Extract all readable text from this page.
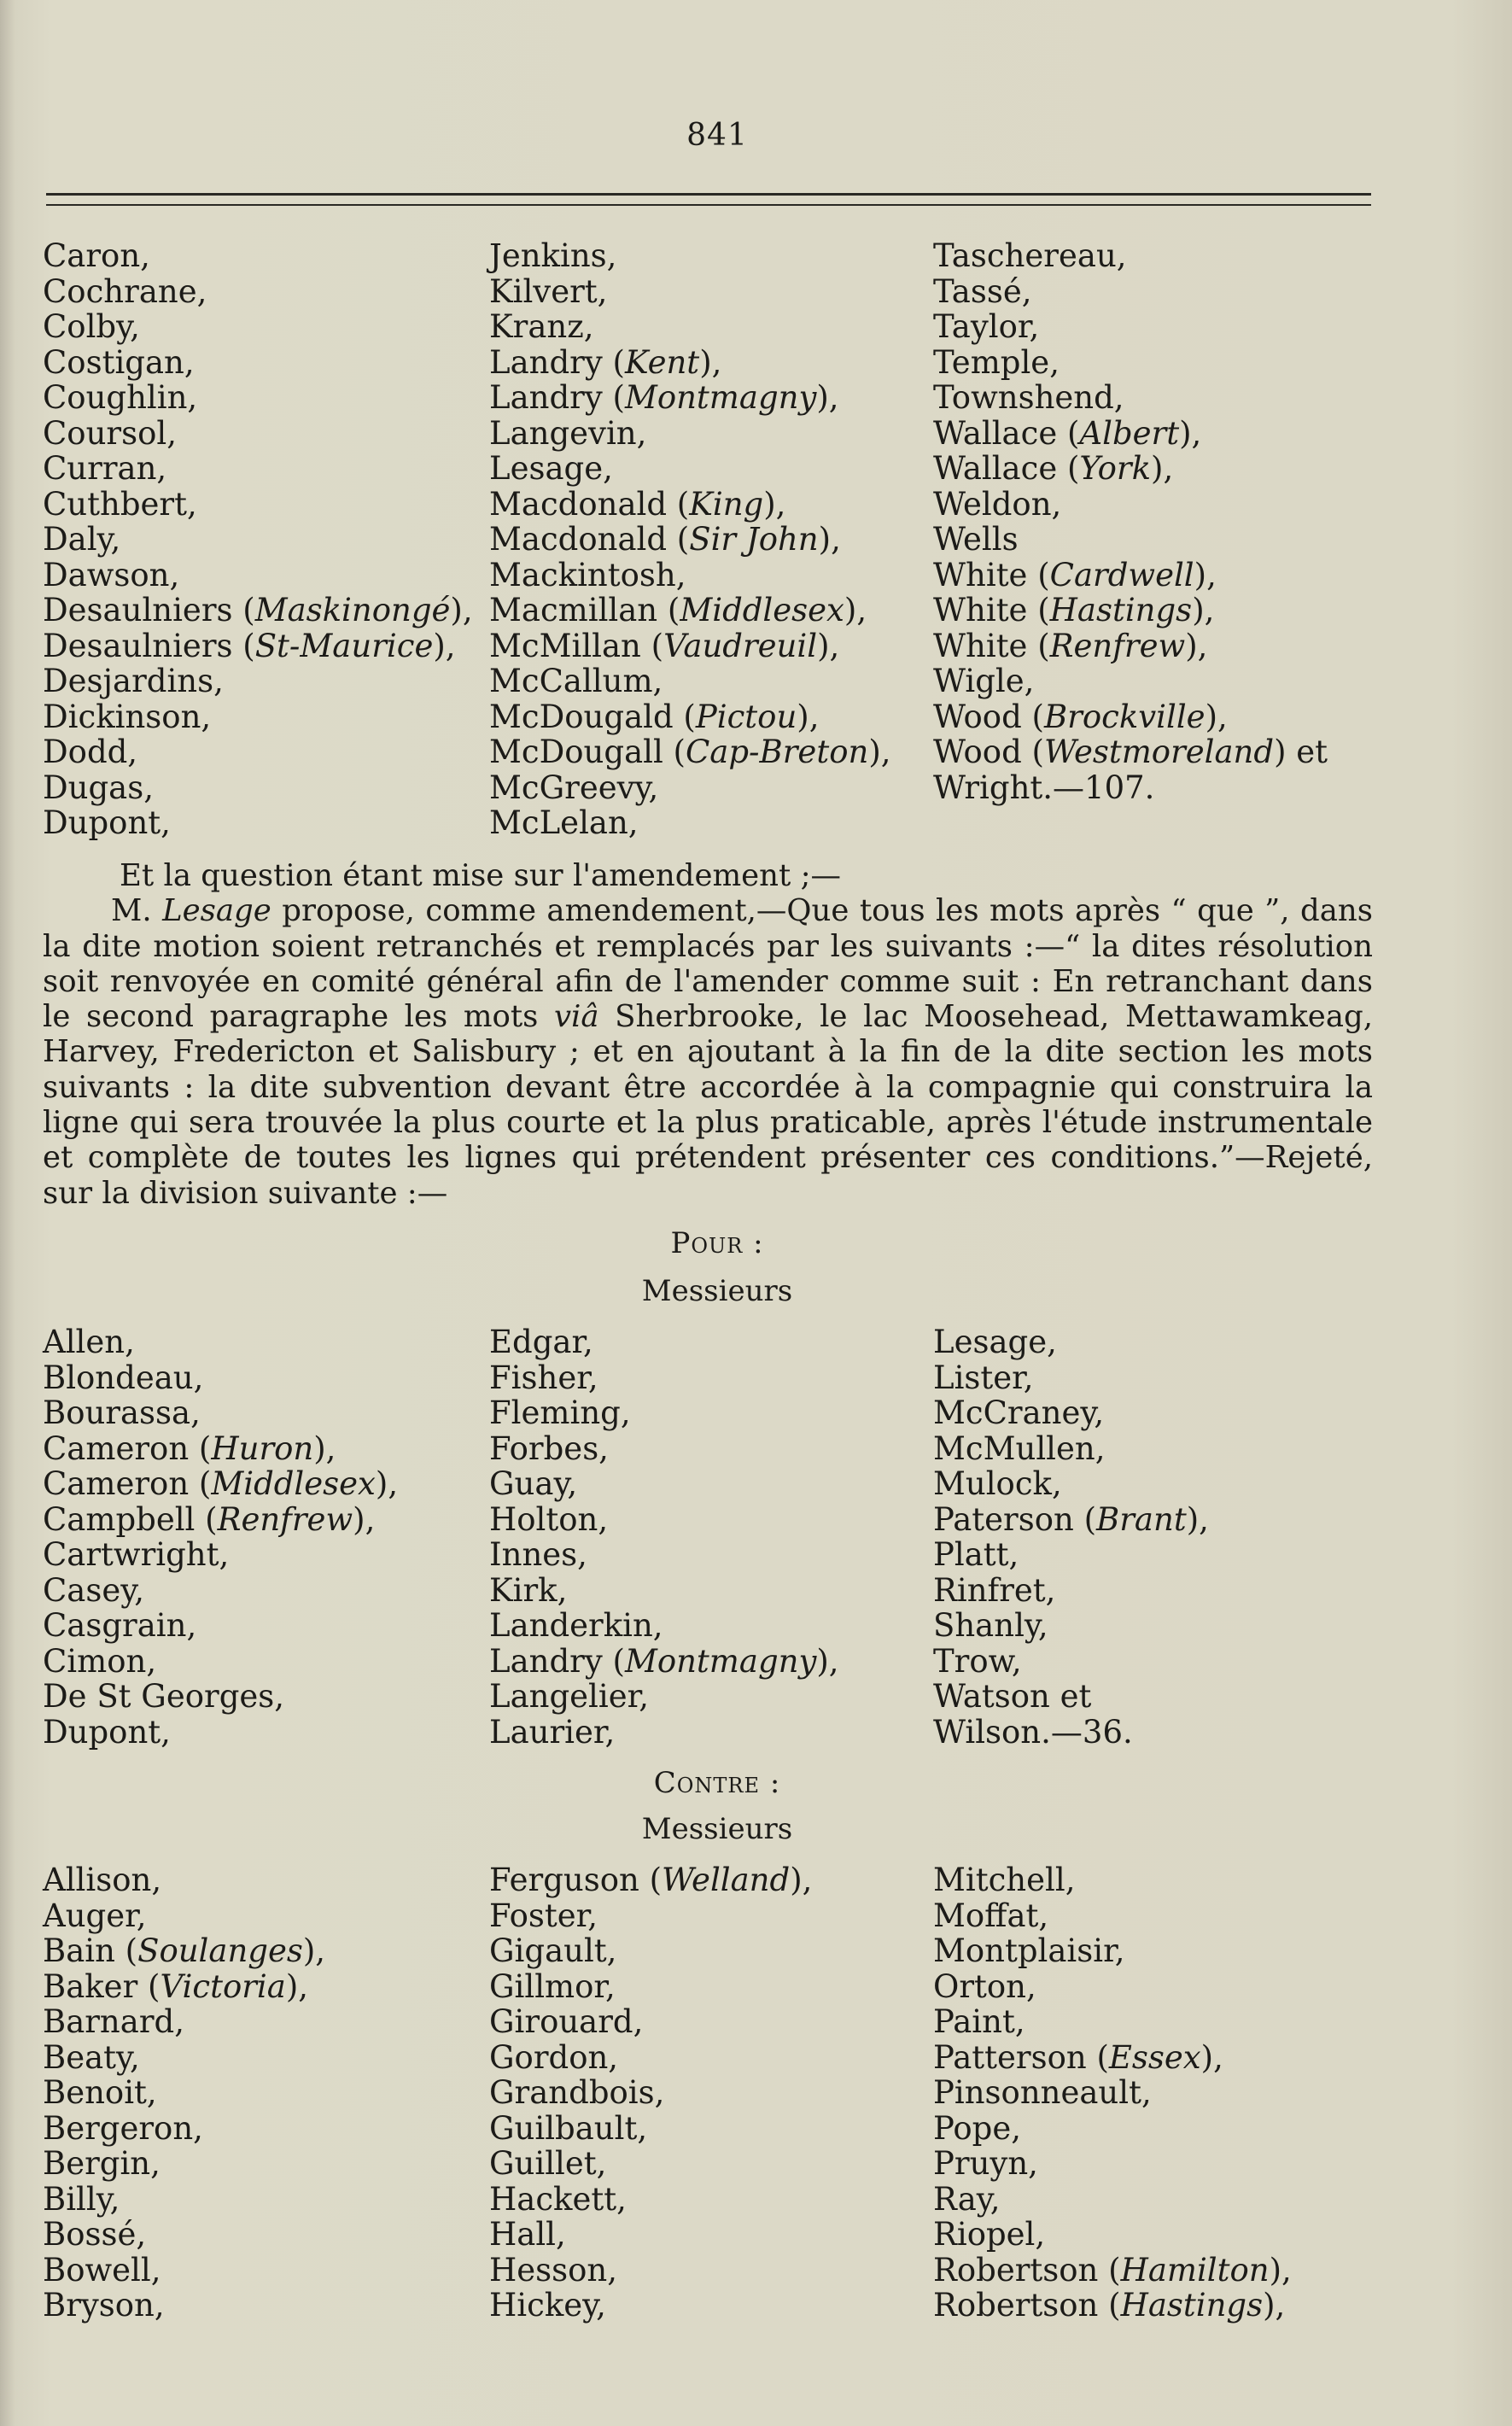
841
Caron,
Cochrane,
Colby,
Costigan,
Coughlin,
Coursol,
Curran,
Cuthbert,
Daly,
Dawson,
Desaulniers (Maskinongé),
Desaulniers (St-Maurice),
Desjardins,
Dickinson,
Dodd,
Dugas,
Dupont,
Jenkins,
Kilvert,
Kranz,
Landry (Kent),
Landry (Montmagny),
Langevin,
Lesage,
Macdonald (King),
Macdonald (Sir John),
Mackintosh,
Macmillan (Middlesex),
McMillan (Vaudreuil),
McCallum,
McDougald (Pictou),
McDougall (Cap-Breton),
McGreevy,
McLelan,
Taschereau,
Tassé,
Taylor,
Temple,
Townshend,
Wallace (Albert),
Wallace (York),
Weldon,
Wells
White (Cardwell),
White (Hastings),
White (Renfrew),
Wigle,
Wood (Brockville),
Wood (Westmoreland) et
Wright.—107.

Et la question étant mise sur l'amendement ;—

M. Lesage propose, comme amendement,—Que tous les mots après “ que ”, dans la dite motion soient retranchés et remplacés par les suivants :—“ la dites résolution soit renvoyée en comité général afin de l'amender comme suit : En retranchant dans le second paragraphe les mots viâ Sherbrooke, le lac Moosehead, Mettawamkeag, Harvey, Fredericton et Salisbury ; et en ajoutant à la fin de la dite section les mots suivants : la dite subvention devant être accordée à la compagnie qui construira la ligne qui sera trouvée la plus courte et la plus praticable, après l'étude instrumentale et complète de toutes les lignes qui prétendent présenter ces conditions.”—Rejeté, sur la division suivante :—

Pour :
Messieurs
Allen,
Blondeau,
Bourassa,
Cameron (Huron),
Cameron (Middlesex),
Campbell (Renfrew),
Cartwright,
Casey,
Casgrain,
Cimon,
De St Georges,
Dupont,
Edgar,
Fisher,
Fleming,
Forbes,
Guay,
Holton,
Innes,
Kirk,
Landerkin,
Landry (Montmagny),
Langelier,
Laurier,
Lesage,
Lister,
McCraney,
McMullen,
Mulock,
Paterson (Brant),
Platt,
Rinfret,
Shanly,
Trow,
Watson et
Wilson.—36.
Contre :
Messieurs
Allison,
Auger,
Bain (Soulanges),
Baker (Victoria),
Barnard,
Beaty,
Benoit,
Bergeron,
Bergin,
Billy,
Bossé,
Bowell,
Bryson,
Ferguson (Welland),
Foster,
Gigault,
Gillmor,
Girouard,
Gordon,
Grandbois,
Guilbault,
Guillet,
Hackett,
Hall,
Hesson,
Hickey,
Mitchell,
Moffat,
Montplaisir,
Orton,
Paint,
Patterson (Essex),
Pinsonneault,
Pope,
Pruyn,
Ray,
Riopel,
Robertson (Hamilton),
Robertson (Hastings),
